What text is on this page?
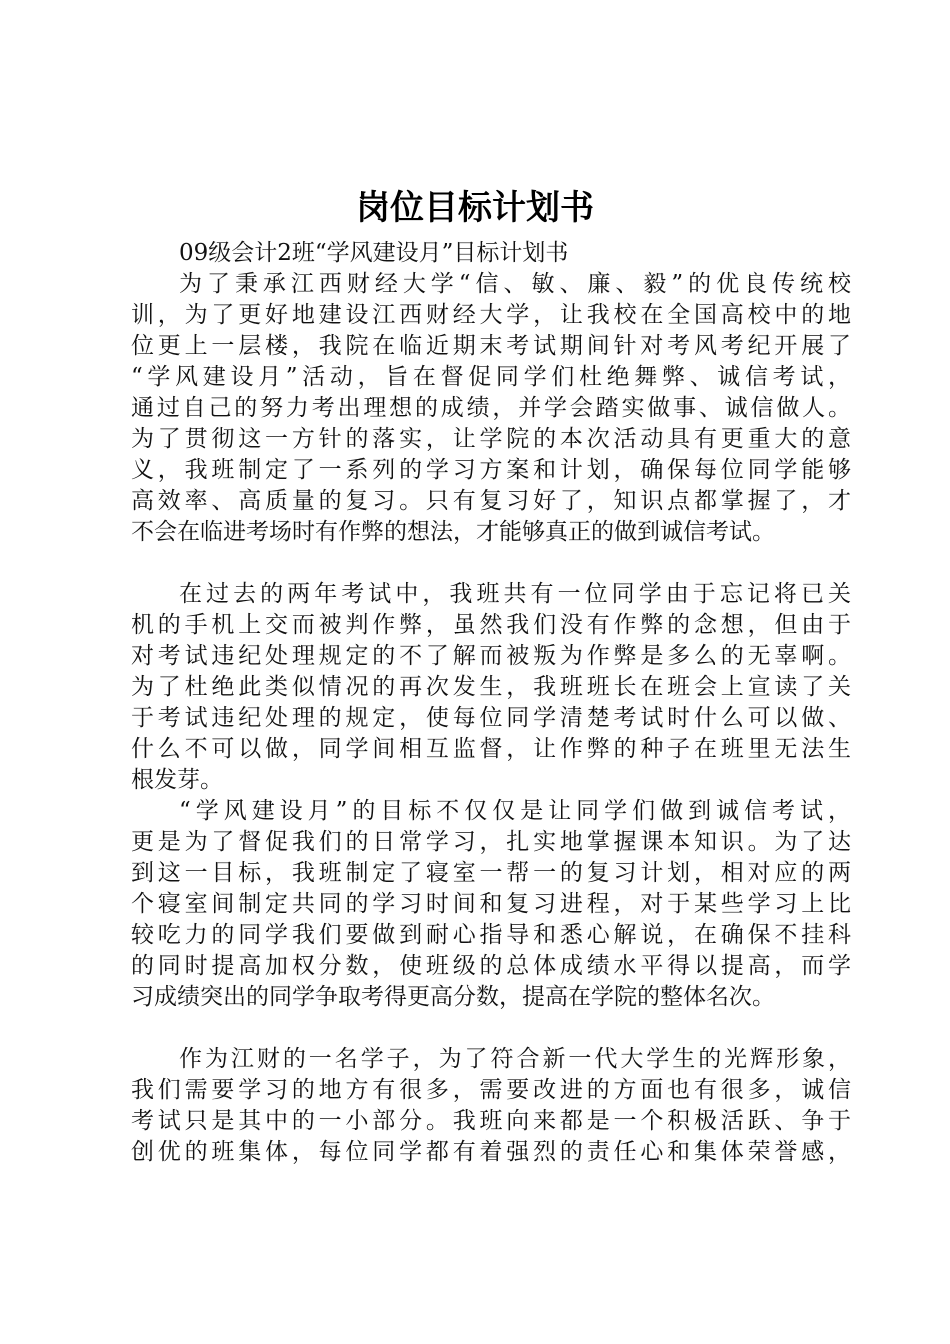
岗位目标计划书
09级会计2班“学风建设月”目标计划书
为了秉承江西财经大学“信、敏、廉、毅”的优良传统校
训，为了更好地建设江西财经大学，让我校在全国高校中的地
位更上一层楼，我院在临近期末考试期间针对考风考纪开展了
“学风建设月”活动，旨在督促同学们杜绝舞弊、诚信考试，
通过自己的努力考出理想的成绩，并学会踏实做事、诚信做人。
为了贯彻这一方针的落实，让学院的本次活动具有更重大的意
义，我班制定了一系列的学习方案和计划，确保每位同学能够
高效率、高质量的复习。只有复习好了，知识点都掌握了，才
不会在临进考场时有作弊的想法，才能够真正的做到诚信考试。
在过去的两年考试中，我班共有一位同学由于忘记将已关
机的手机上交而被判作弊，虽然我们没有作弊的念想，但由于
对考试违纪处理规定的不了解而被叛为作弊是多么的无辜啊。
为了杜绝此类似情况的再次发生，我班班长在班会上宣读了关
于考试违纪处理的规定，使每位同学清楚考试时什么可以做、
什么不可以做，同学间相互监督，让作弊的种子在班里无法生
根发芽。
“学风建设月”的目标不仅仅是让同学们做到诚信考试，
更是为了督促我们的日常学习，扎实地掌握课本知识。为了达
到这一目标，我班制定了寝室一帮一的复习计划，相对应的两
个寝室间制定共同的学习时间和复习进程，对于某些学习上比
较吃力的同学我们要做到耐心指导和悉心解说，在确保不挂科
的同时提高加权分数，使班级的总体成绩水平得以提高，而学
习成绩突出的同学争取考得更高分数，提高在学院的整体名次。
作为江财的一名学子，为了符合新一代大学生的光辉形象，
我们需要学习的地方有很多，需要改进的方面也有很多，诚信
考试只是其中的一小部分。我班向来都是一个积极活跃、争于
创优的班集体，每位同学都有着强烈的责任心和集体荣誉感，
